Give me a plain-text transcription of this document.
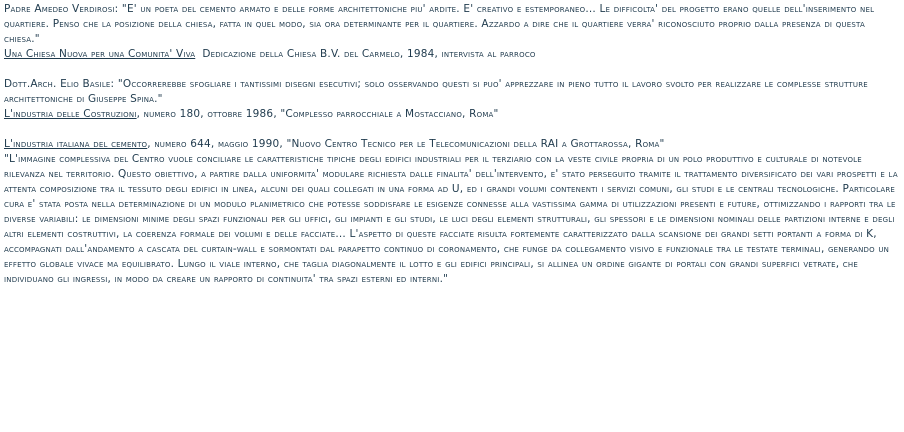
Padre Amedeo Verdirosi: "E' un poeta del cemento armato e delle forme architettoniche piu' ardite. E' creativo e estemporaneo... Le difficolta' del progetto erano quelle dell'inserimento nel quartiere. Penso che la posizione della chiesa, fatta in quel modo, sia ora determinante per il quartiere. Azzardo a dire che il quartiere verra' riconosciuto proprio dalla presenza di questa chiesa."

Una Chiesa Nuova per una Comunita' Viva Dedicazione della Chiesa B.V. del Carmelo, 1984, intervista al parroco

Dott.Arch. Elio Basile: "Occorrerebbe sfogliare i tantissimi disegni esecutivi; solo osservando questi si puo' apprezzare in pieno tutto il lavoro svolto per realizzare le complesse strutture architettoniche di Giuseppe Spina."

L'industria delle Costruzioni, numero 180, ottobre 1986, "Complesso parrocchiale a Mostacciano, Roma"

L'industria italiana del cemento, numero 644, maggio 1990, "Nuovo Centro Tecnico per le Telecomunicazioni della RAI a Grottarossa, Roma"

"L'immagine complessiva del Centro vuole conciliare le caratteristiche tipiche degli edifici industriali per il terziario con la veste civile propria di un polo produttivo e culturale di notevole rilevanza nel territorio. Questo obiettivo, a partire dalla uniformita' modulare richiesta dalle finalita' dell'intervento, e' stato perseguito tramite il trattamento diversificato dei vari prospetti e la attenta composizione tra il tessuto degli edifici in linea, alcuni dei quali collegati in una forma ad U, ed i grandi volumi contenenti i servizi comuni, gli studi e le centrali tecnologiche. Particolare cura e' stata posta nella determinazione di un modulo planimetrico che potesse soddisfare le esigenze connesse alla vastissima gamma di utilizzazioni presenti e future, ottimizzando i rapporti tra le diverse variabili: le dimensioni minime degli spazi funzionali per gli uffici, gli impianti e gli studi, le luci degli elementi strutturali, gli spessori e le dimensioni nominali delle partizioni interne e degli altri elementi costruttivi, la coerenza formale dei volumi e delle facciate... L'aspetto di queste facciate risulta fortemente caratterizzato dalla scansione dei grandi setti portanti a forma di K, accompagnati dall'andamento a cascata del curtain-wall e sormontati dal parapetto continuo di coronamento, che funge da collegamento visivo e funzionale tra le testate terminali, generando un effetto globale vivace ma equilibrato. Lungo il viale interno, che taglia diagonalmente il lotto e gli edifici principali, si allinea un ordine gigante di portali con grandi superfici vetrate, che individuano gli ingressi, in modo da creare un rapporto di continuita' tra spazi esterni ed interni."
